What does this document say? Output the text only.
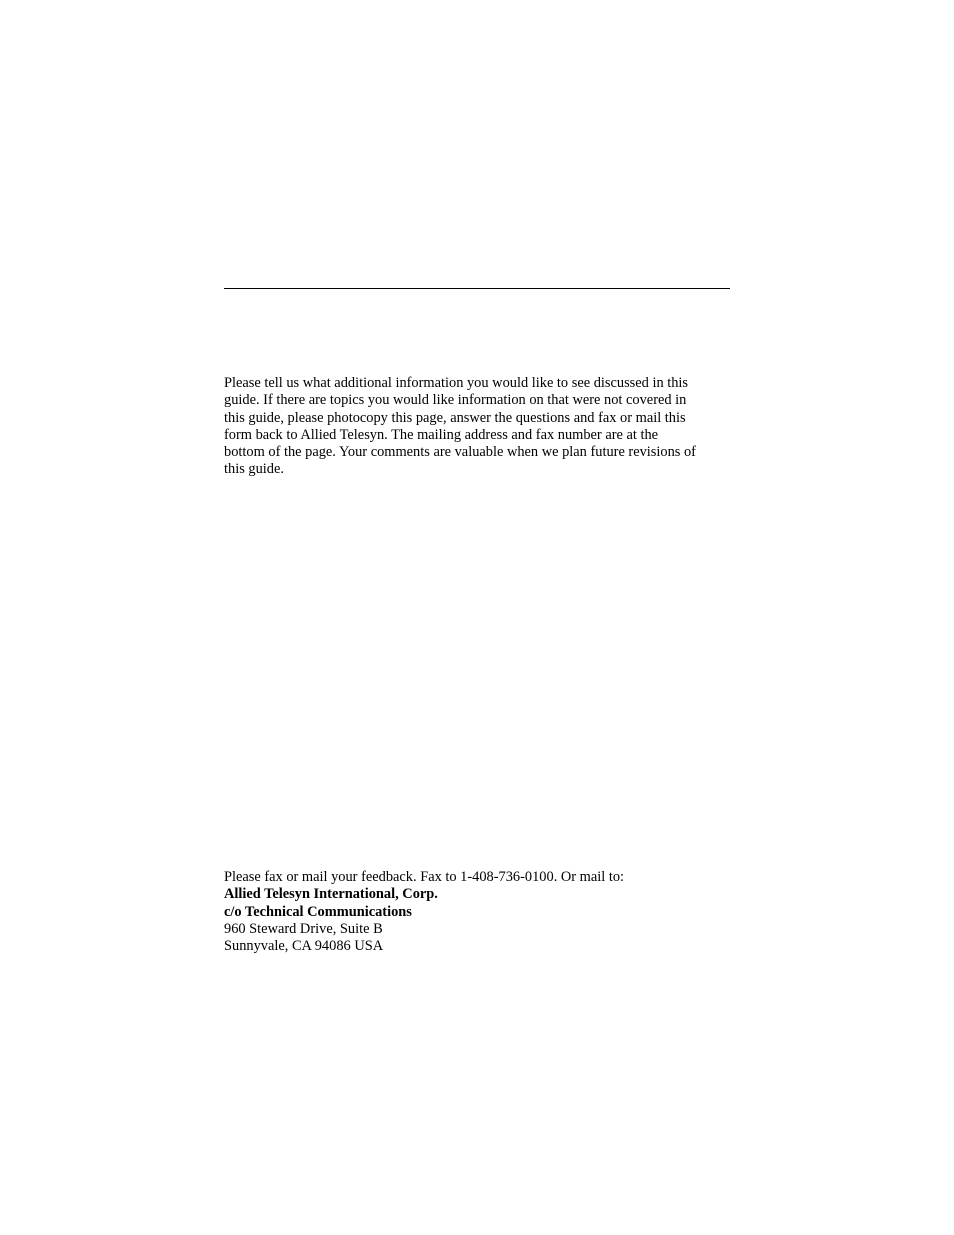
Please tell us what additional information you would like to see discussed in this
guide. If there are topics you would like information on that were not covered in
this guide, please photocopy this page, answer the questions and fax or mail this
form back to Allied Telesyn. The mailing address and fax number are at the
bottom of the page. Your comments are valuable when we plan future revisions of
this guide.

Please fax or mail your feedback. Fax to 1-408-736-0100. Or mail to:
Allied Telesyn International, Corp.
c/o Technical Communications
960 Steward Drive, Suite B
Sunnyvale, CA 94086 USA
